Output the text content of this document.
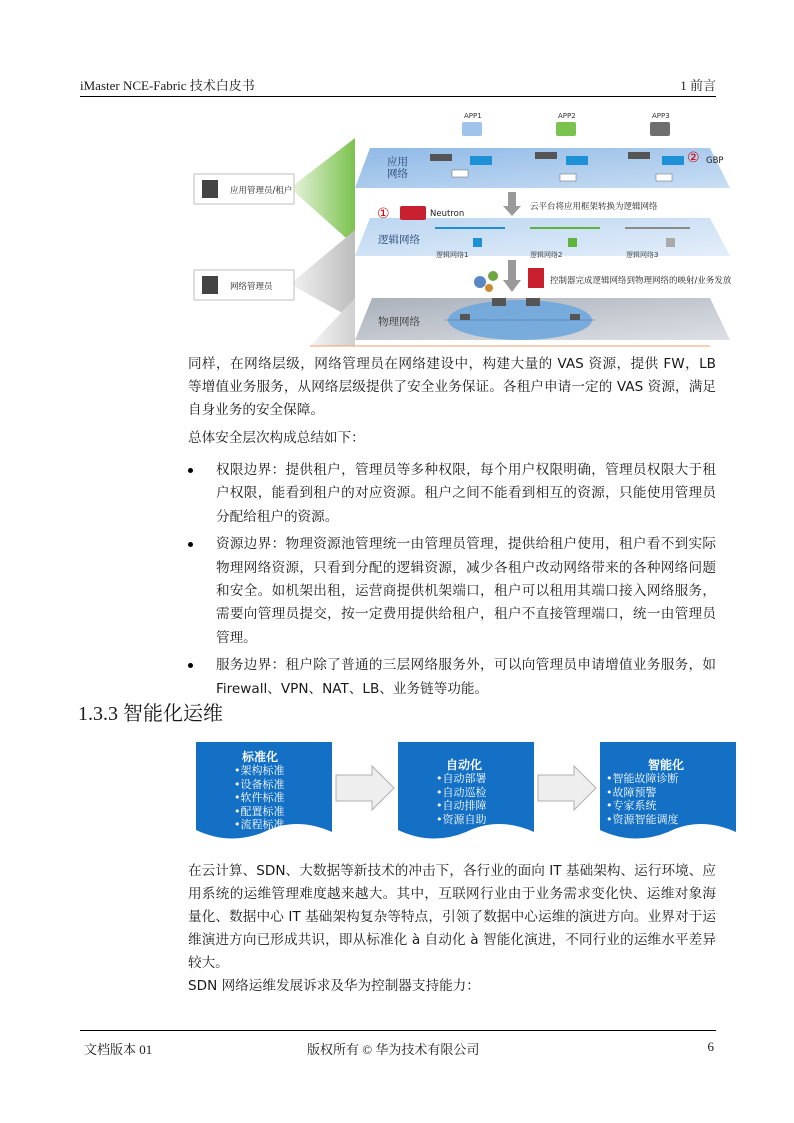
iMaster NCE-Fabric 技术白皮书	1 前言
APP1	APP2	APP3
应用
网络
逻辑网络
物理网络
应用管理员/租户
网络管理员
①
②
Neutron
GBP
云平台将应用框架转换为逻辑网络
控制器完成逻辑网络到物理网络的映射/业务发放
逻辑网络1	逻辑网络2	逻辑网络3
同样，在网络层级，网络管理员在网络建设中，构建大量的 VAS 资源，提供 FW，LB 等增值业务服务，从网络层级提供了安全业务保证。各租户申请一定的 VAS 资源，满足自身业务的安全保障。
总体安全层次构成总结如下：
权限边界：提供租户，管理员等多种权限，每个用户权限明确，管理员权限大于租户权限，能看到租户的对应资源。租户之间不能看到相互的资源，只能使用管理员分配给租户的资源。
资源边界：物理资源池管理统一由管理员管理，提供给租户使用，租户看不到实际物理网络资源，只看到分配的逻辑资源，减少各租户改动网络带来的各种网络问题和安全。如机架出租，运营商提供机架端口，租户可以租用其端口接入网络服务，需要向管理员提交，按一定费用提供给租户，租户不直接管理端口，统一由管理员管理。
服务边界：租户除了普通的三层网络服务外，可以向管理员申请增值业务服务，如 Firewall、VPN、NAT、LB、业务链等功能。
1.3.3 智能化运维
标准化
•架构标准
•设备标准
•软件标准
•配置标准
•流程标准
自动化
•自动部署
•自动巡检
•自动排障
•资源自助
智能化
•智能故障诊断
•故障预警
•专家系统
•资源智能调度
在云计算、SDN、大数据等新技术的冲击下，各行业的面向 IT 基础架构、运行环境、应用系统的运维管理难度越来越大。其中，互联网行业由于业务需求变化快、运维对象海量化、数据中心 IT 基础架构复杂等特点，引领了数据中心运维的演进方向。业界对于运维演进方向已形成共识，即从标准化 à 自动化 à 智能化演进，不同行业的运维水平差异较大。
SDN 网络运维发展诉求及华为控制器支持能力：
文档版本 01	版权所有 © 华为技术有限公司	6
